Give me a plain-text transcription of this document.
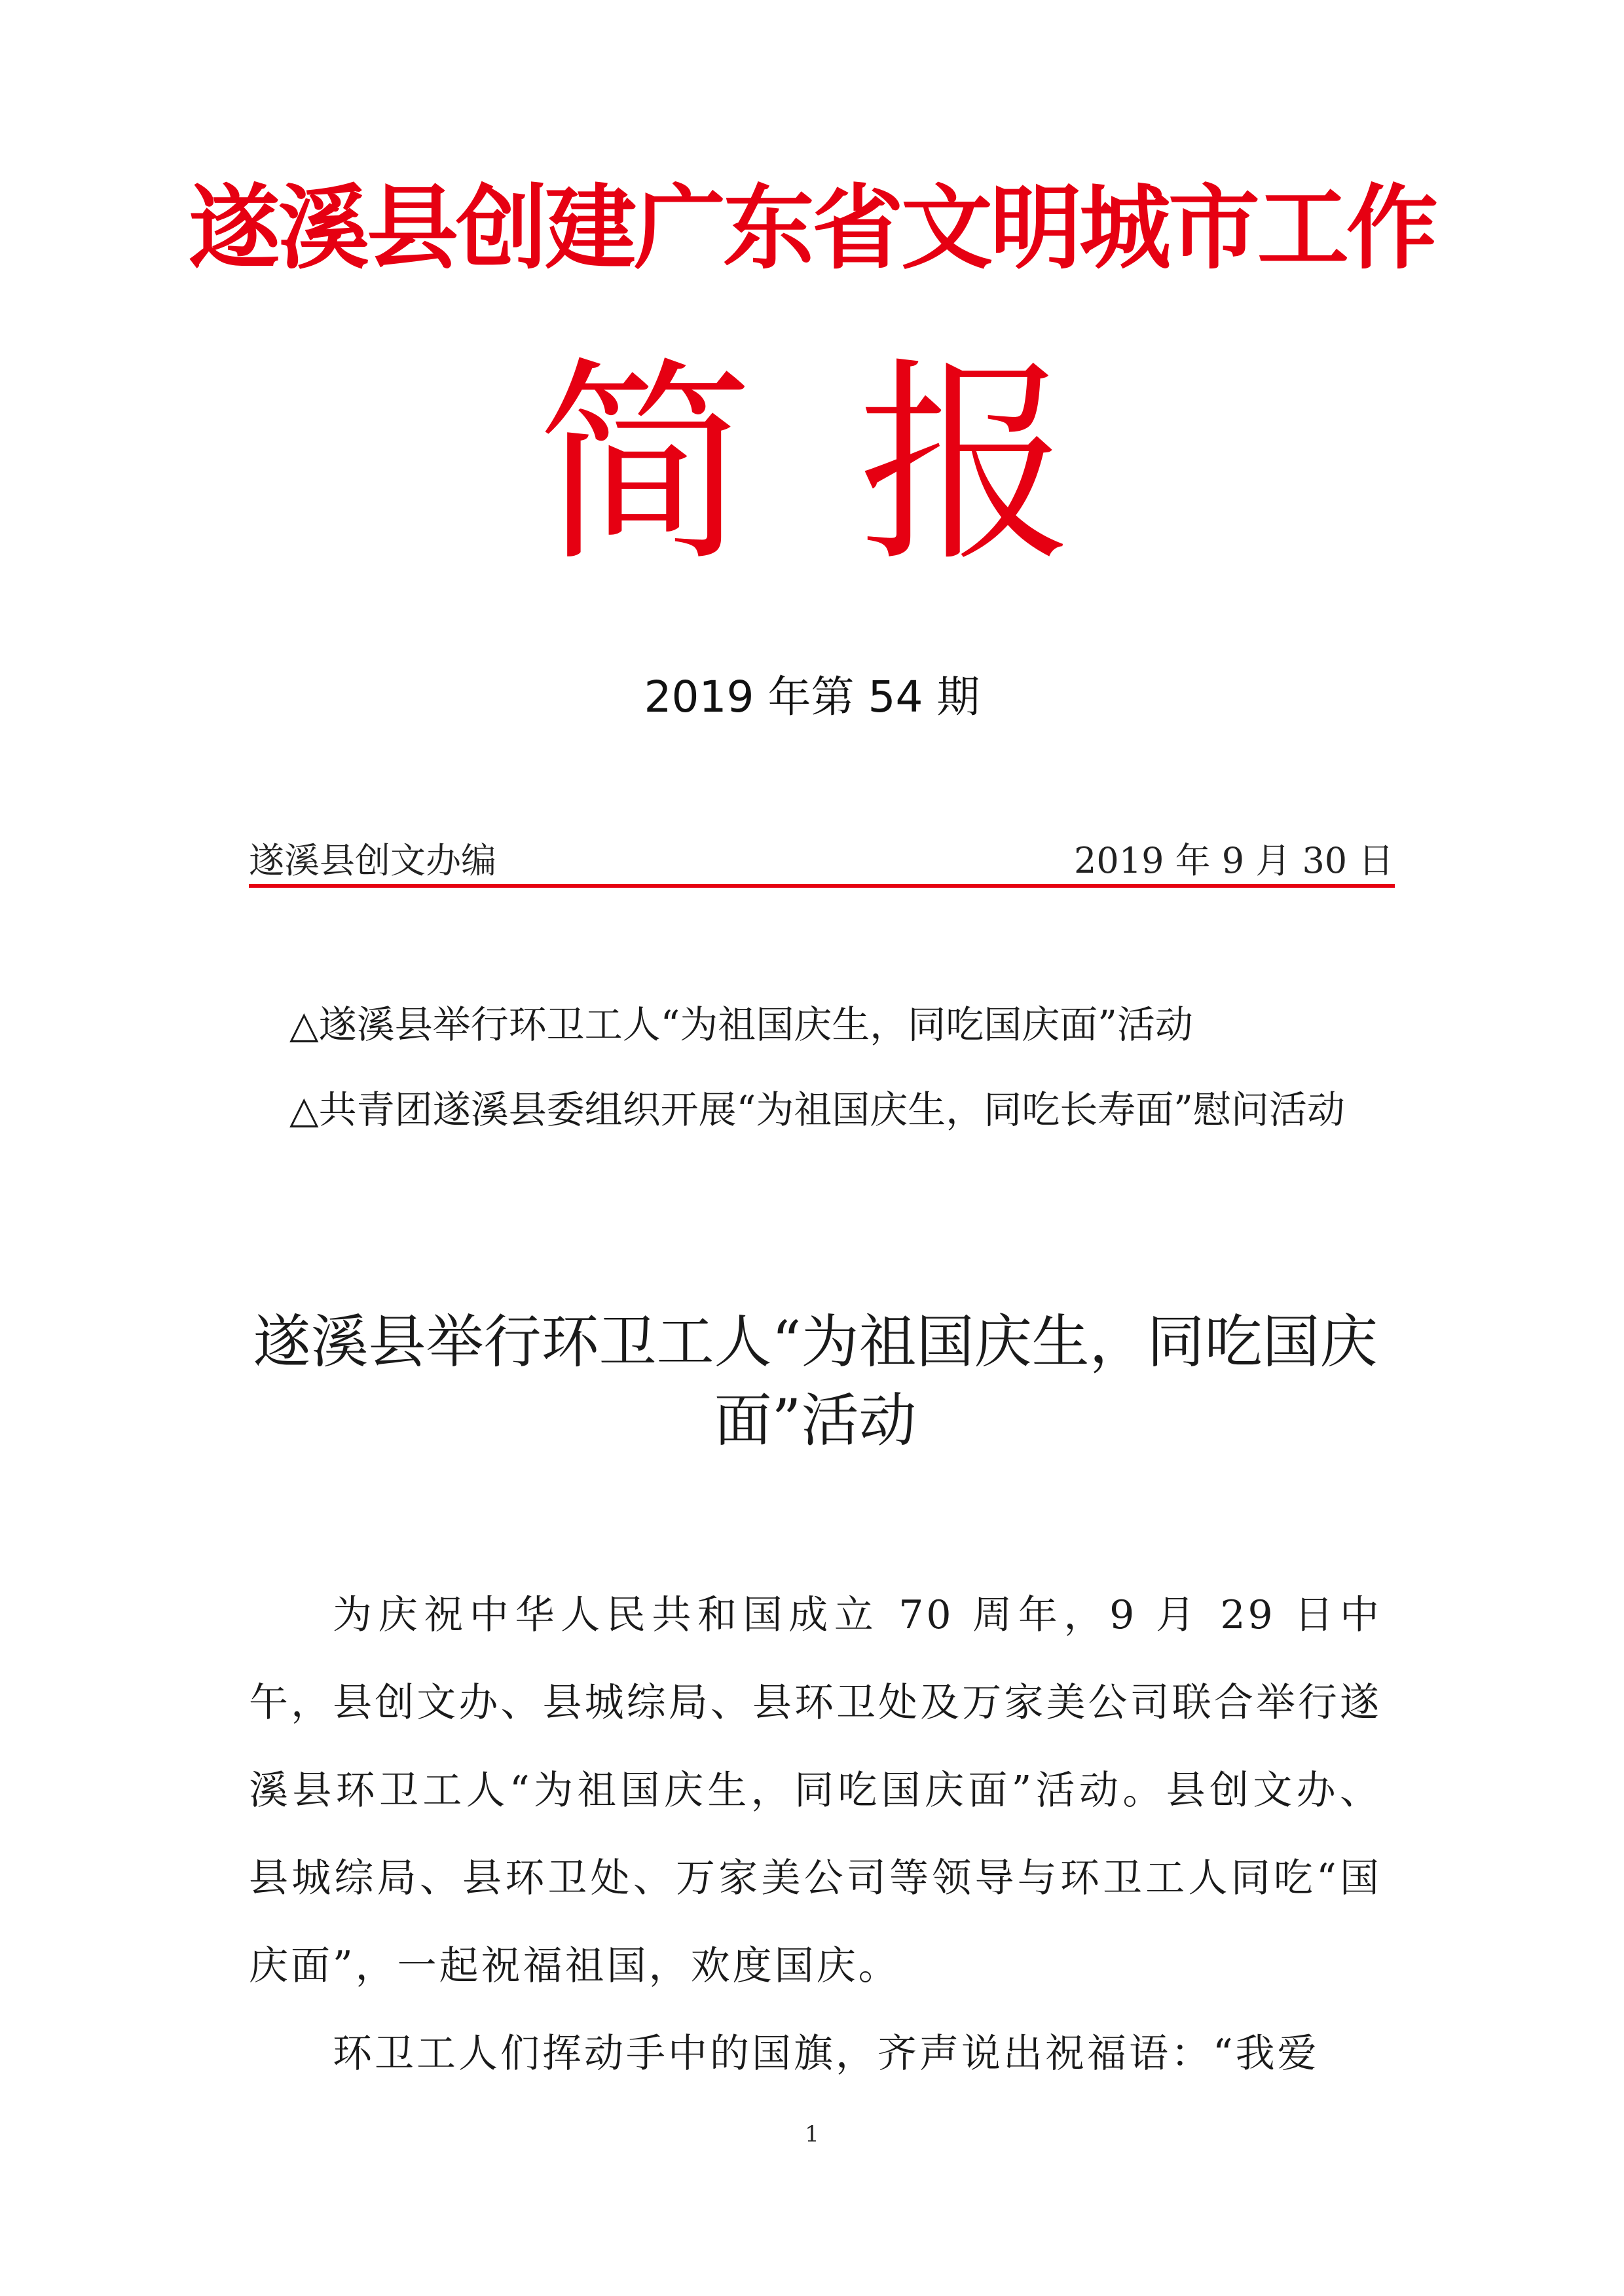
遂溪县创建广东省文明城市工作
简 报
2019 年第 54 期
遂溪县创文办编	2019 年 9 月 30 日
△遂溪县举行环卫工人“为祖国庆生，同吃国庆面”活动
△共青团遂溪县委组织开展“为祖国庆生，同吃长寿面”慰问活动
遂溪县举行环卫工人“为祖国庆生，同吃国庆面”活动

为庆祝中华人民共和国成立 70 周年，9 月 29 日中午，县创文办、县城综局、县环卫处及万家美公司联合举行遂溪县环卫工人“为祖国庆生，同吃国庆面”活动。县创文办、县城综局、县环卫处、万家美公司等领导与环卫工人同吃“国庆面”，一起祝福祖国，欢度国庆。

环卫工人们挥动手中的国旗，齐声说出祝福语：“我爱

1
